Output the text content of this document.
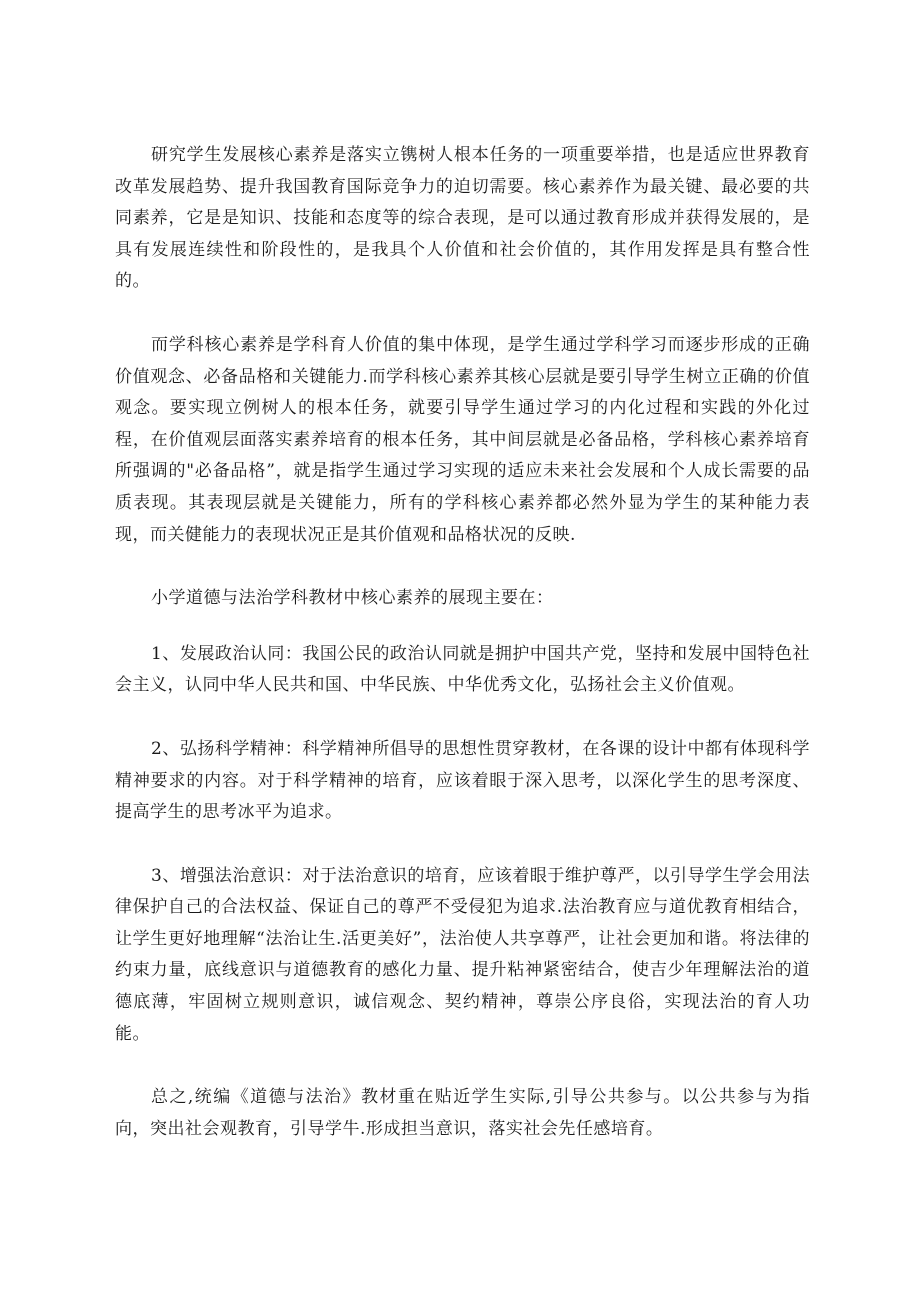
研究学生发展核心素养是落实立镌树人根本任务的一项重要举措，也是适应世界教育改革发展趋势、提升我国教育国际竞争力的迫切需要。核心素养作为最关键、最必要的共同素养，它是是知识、技能和态度等的综合表现，是可以通过教育形成并获得发展的，是具有发展连续性和阶段性的，是我具个人价值和社会价值的，其作用发挥是具有整合性的。

而学科核心素养是学科育人价值的集中体现，是学生通过学科学习而逐步形成的正确价值观念、必备品格和关键能力.而学科核心素养其核心层就是要引导学生树立正确的价值观念。要实现立例树人的根本任务，就要引导学生通过学习的内化过程和实践的外化过程，在价值观层面落实素养培育的根本任务，其中间层就是必备品格，学科核心素养培育所强调的"必备品格”，就是指学生通过学习实现的适应未来社会发展和个人成长需要的品质表现。其表现层就是关键能力，所有的学科核心素养都必然外显为学生的某种能力表现，而关健能力的表现状况正是其价值观和品格状况的反映.

小学道德与法治学科教材中核心素养的展现主要在：

1、发展政治认同：我国公民的政治认同就是拥护中国共产党，坚持和发展中国特色社会主义，认同中华人民共和国、中华民族、中华优秀文化，弘扬社会主义价值观。

2、弘扬科学精神：科学精神所倡导的思想性贯穿教材，在各课的设计中都有体现科学精神要求的内容。对于科学精神的培育，应该着眼于深入思考，以深化学生的思考深度、提高学生的思考冰平为追求。

3、增强法治意识：对于法治意识的培育，应该着眼于维护尊严，以引导学生学会用法律保护自己的合法权益、保证自己的尊严不受侵犯为追求.法治教育应与道优教育相结合，让学生更好地理解“法治让生.活更美好”，法治使人共享尊严，让社会更加和谐。将法律的约束力量，底线意识与道德教育的感化力量、提升粘神紧密结合，使吉少年理解法治的道德底薄，牢固树立规则意识，诚信观念、契约精神，尊崇公序良俗，实现法治的育人功能。

总之,统编《道德与法治》教材重在贴近学生实际,引导公共参与。以公共参与为指向，突出社会观教育，引导学牛.形成担当意识，落实社会先任感培育。
